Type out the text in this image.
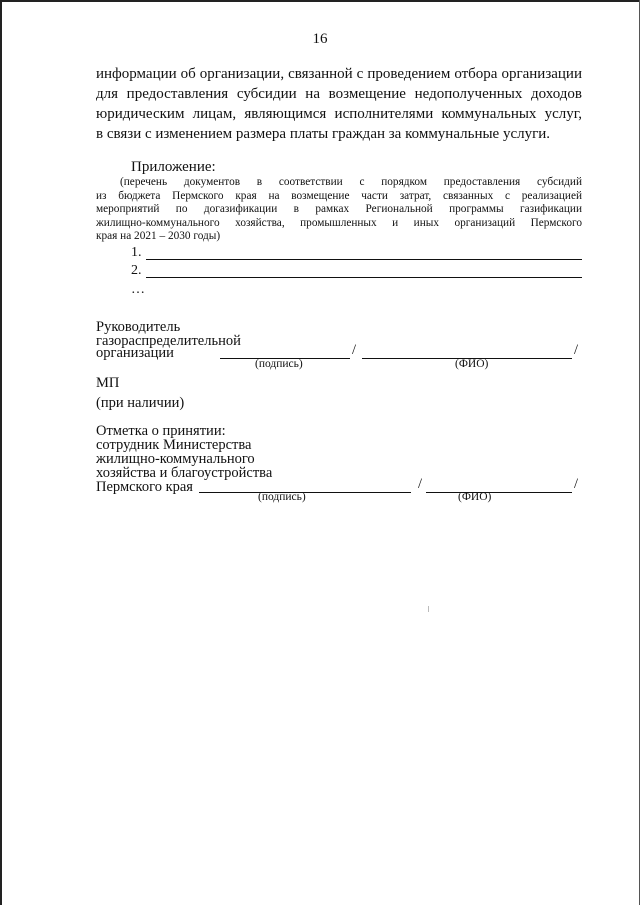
16
информации об организации, связанной с проведением отбора организации
для предоставления субсидии на возмещение недополученных доходов
юридическим лицам, являющимся исполнителями коммунальных услуг,
в связи с изменением размера платы граждан за коммунальные услуги.
Приложение:
(перечень документов в соответствии с порядком предоставления субсидий
из бюджета Пермского края на возмещение части затрат, связанных с реализацией
мероприятий по догазификации в рамках Региональной программы газификации
жилищно-коммунального хозяйства, промышленных и иных организаций Пермского
края на 2021 – 2030 годы)
1.
2.
…
Руководитель
газораспределительной
организации	/	/
(подпись)	(ФИО)
МП
(при наличии)
Отметка о принятии:
сотрудник Министерства
жилищно-коммунального
хозяйства и благоустройства
Пермского края	/	/
(подпись)	(ФИО)
